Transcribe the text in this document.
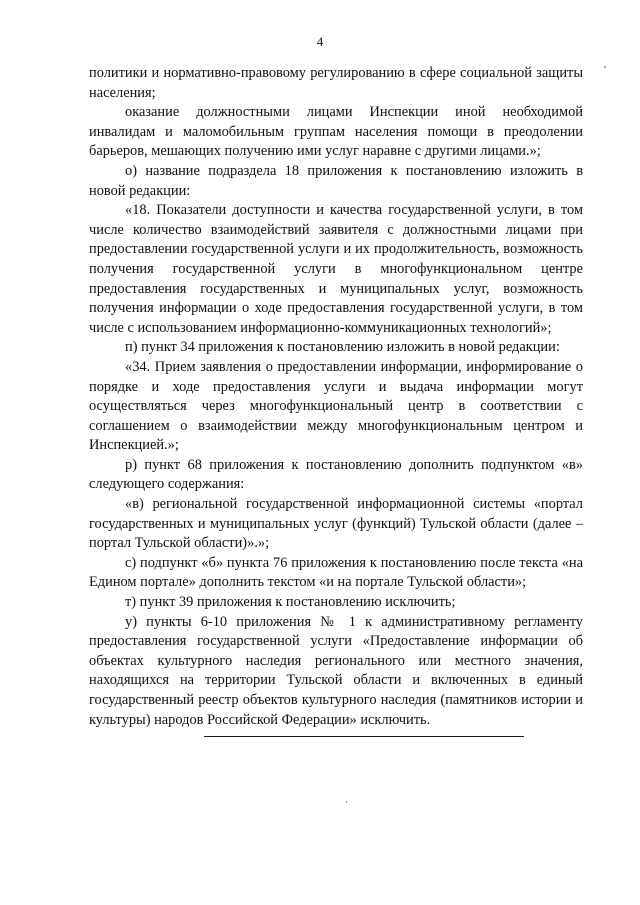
4

политики и нормативно-правовому регулированию в сфере социальной защиты населения;

оказание должностными лицами Инспекции иной необходимой инвалидам и маломобильным группам населения помощи в преодолении барьеров, мешающих получению ими услуг наравне с другими лицами.»;

о) название подраздела 18 приложения к постановлению изложить в новой редакции:

«18. Показатели доступности и качества государственной услуги, в том числе количество взаимодействий заявителя с должностными лицами при предоставлении государственной услуги и их продолжительность, возможность получения государственной услуги в многофункциональном центре предоставления государственных и муниципальных услуг, возможность получения информации о ходе предоставления государственной услуги, в том числе с использованием информационно-коммуникационных технологий»;

п) пункт 34 приложения к постановлению изложить в новой редакции:

«34. Прием заявления о предоставлении информации, информирование о порядке и ходе предоставления услуги и выдача информации могут осуществляться через многофункциональный центр в соответствии с соглашением о взаимодействии между многофункциональным центром и Инспекцией.»;

р) пункт 68 приложения к постановлению дополнить подпунктом «в» следующего содержания:

«в) региональной государственной информационной системы «портал государственных и муниципальных услуг (функций) Тульской области (далее – портал Тульской области)».»;

с) подпункт «б» пункта 76 приложения к постановлению после текста «на Едином портале» дополнить текстом «и на портале Тульской области»;

т) пункт 39 приложения к постановлению исключить;

у) пункты 6-10 приложения № 1 к административному регламенту предоставления государственной услуги «Предоставление информации об объектах культурного наследия регионального или местного значения, находящихся на территории Тульской области и включенных в единый государственный реестр объектов культурного наследия (памятников истории и культуры) народов Российской Федерации» исключить.
